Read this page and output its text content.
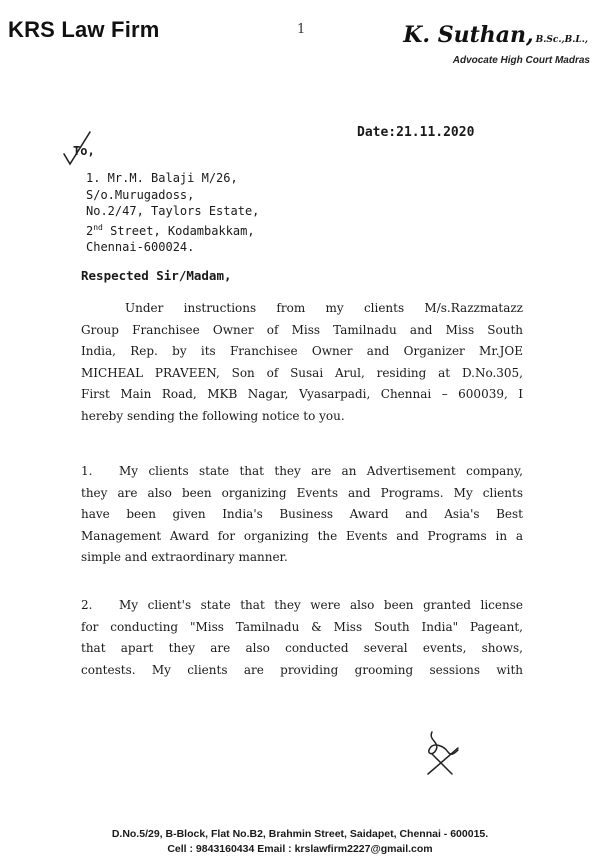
KRS Law Firm	1	K. Suthan, B.Sc.,B.L.,
Advocate High Court Madras
Date:21.11.2020
To,
1. Mr.M. Balaji M/26,
S/o.Murugadoss,
No.2/47, Taylors Estate,
2nd Street, Kodambakkam,
Chennai-600024.
Respected Sir/Madam,
Under instructions from my clients M/s.Razzmatazz
Group Franchisee Owner of Miss Tamilnadu and Miss South
India, Rep. by its Franchisee Owner and Organizer Mr.JOE
MICHEAL PRAVEEN, Son of Susai Arul, residing at D.No.305,
First Main Road, MKB Nagar, Vyasarpadi, Chennai – 600039, I
hereby sending the following notice to you.
1. My clients state that they are an Advertisement company,
they are also been organizing Events and Programs. My clients
have been given India's Business Award and Asia's Best
Management Award for organizing the Events and Programs in a
simple and extraordinary manner.
2. My client's state that they were also been granted license
for conducting "Miss Tamilnadu & Miss South India" Pageant,
that apart they are also conducted several events, shows,
contests. My clients are providing grooming sessions with
D.No.5/29, B-Block, Flat No.B2, Brahmin Street, Saidapet, Chennai - 600015.
Cell : 9843160434 Email : krslawfirm2227@gmail.com
